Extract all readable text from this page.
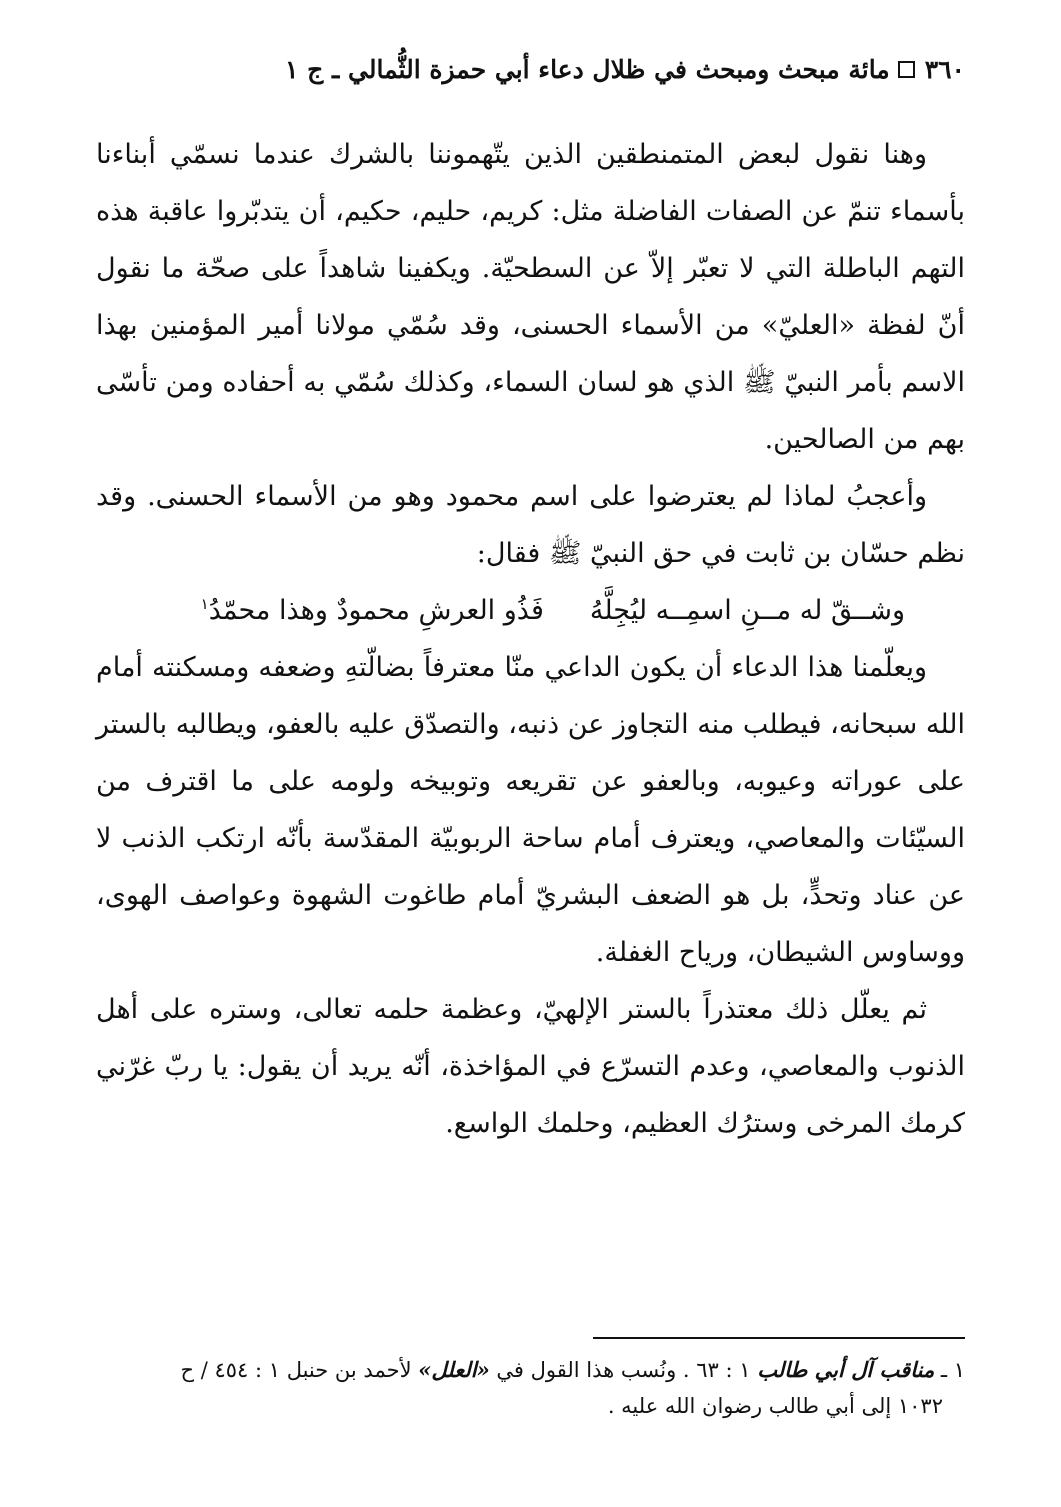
٣٦٠مائة مبحث ومبحث في ظلال دعاء أبي حمزة الثُّمالي ـ ج ١

وهنا نقول لبعض المتمنطقين الذين يتّهموننا بالشرك عندما نسمّي أبناءنا بأسماء تنمّ عن الصفات الفاضلة مثل: كريم، حليم، حكيم، أن يتدبّروا عاقبة هذه التهم الباطلة التي لا تعبّر إلاّ عن السطحيّة. ويكفينا شاهداً على صحّة ما نقول أنّ لفظة «العليّ» من الأسماء الحسنى، وقد سُمّي مولانا أمير المؤمنين بهذا الاسم بأمر النبيّ ﷺ الذي هو لسان السماء، وكذلك سُمّي به أحفاده ومن تأسّى بهم من الصالحين.

وأعجبُ لماذا لم يعترضوا على اسم محمود وهو من الأسماء الحسنى. وقد نظم حسّان بن ثابت في حق النبيّ ﷺ فقال:

وشــقّ له مــنِ اسمِــه ليُجِلَّهُفَذُو العرشِ محمودٌ وهذا محمّدُ$^١$

ويعلّمنا هذا الدعاء أن يكون الداعي منّا معترفاً بضالّتهِ وضعفه ومسكنته أمام الله سبحانه، فيطلب منه التجاوز عن ذنبه، والتصدّق عليه بالعفو، ويطالبه بالستر على عوراته وعيوبه، وبالعفو عن تقريعه وتوبيخه ولومه على ما اقترف من السيّئات والمعاصي، ويعترف أمام ساحة الربوبيّة المقدّسة بأنّه ارتكب الذنب لا عن عناد وتحدٍّ، بل هو الضعف البشريّ أمام طاغوت الشهوة وعواصف الهوى، ووساوس الشيطان، ورياح الغفلة.

ثم يعلّل ذلك معتذراً بالستر الإلهيّ، وعظمة حلمه تعالى، وستره على أهل الذنوب والمعاصي، وعدم التسرّع في المؤاخذة، أنّه يريد أن يقول: يا ربّ غرّني كرمك المرخى وسترُك العظيم، وحلمك الواسع.

١ ـ مناقب آل أبي طالب ١ : ٦٣ . ونُسب هذا القول في «العلل» لأحمد بن حنبل ١ : ٤٥٤ / ح
١٠٣٢ إلى أبي طالب رضوان الله عليه .
